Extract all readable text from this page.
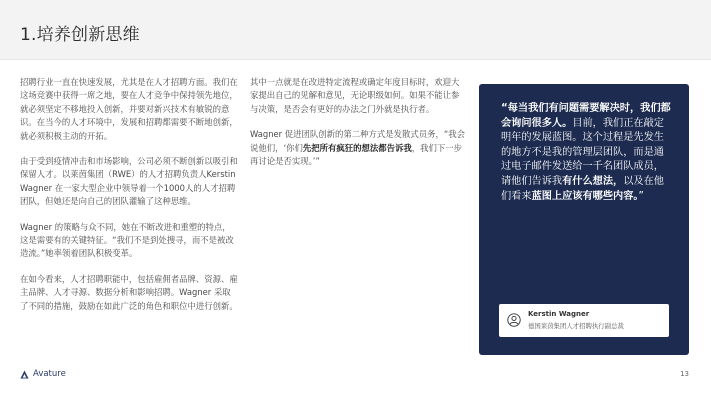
1.培养创新思维

招聘行业一直在快速发展，尤其是在人才招聘方面。我们在这场竞赛中获得一席之地，要在人才竞争中保持领先地位，就必须坚定不移地投入创新，并要对新兴技术有敏锐的意识。在当今的人才环境中，发展和招聘都需要不断地创新，就必须积极主动的开拓。

由于受到疫情冲击和市场影响，公司必须不断创新以吸引和保留人才。以莱茵集团（RWE）的人才招聘负责人Kerstin Wagner 在一家大型企业中领导着一个1000人的人才招聘团队，但她还是向自己的团队灌输了这种思维。

Wagner 的策略与众不同，她在不断改进和重塑的特点，这是需要有的关键特征。“我们不是到处搜寻，而不是被改造流。”她率领着团队积极变革。

在如今看来，人才招聘职能中，包括雇佣者品牌、资源、雇主品牌、人才寻源、数据分析和影响招聘。Wagner 采取了不同的措施，鼓励在如此广泛的角色和职位中进行创新。

其中一点就是在改进特定流程或确定年度目标时，欢迎大家提出自己的见解和意见，无论职级如何。如果不能让参与决策，是否会有更好的办法之门外就是执行者。

Wagner 促进团队创新的第二种方式是发散式员务，“我会说他们，‘你们先把所有疯狂的想法都告诉我，我们下一步再讨论是否实现。’”

“每当我们有问题需要解决时，我们都会询问很多人。目前，我们正在敲定明年的发展蓝图。这个过程是先发生的地方不是我的管理层团队，而是通过电子邮件发送给一千名团队成员，请他们告诉我有什么想法，以及在他们看来蓝图上应该有哪些内容。”
Kerstin Wagner
德国莱茵集团人才招聘执行副总裁
Avature	13
